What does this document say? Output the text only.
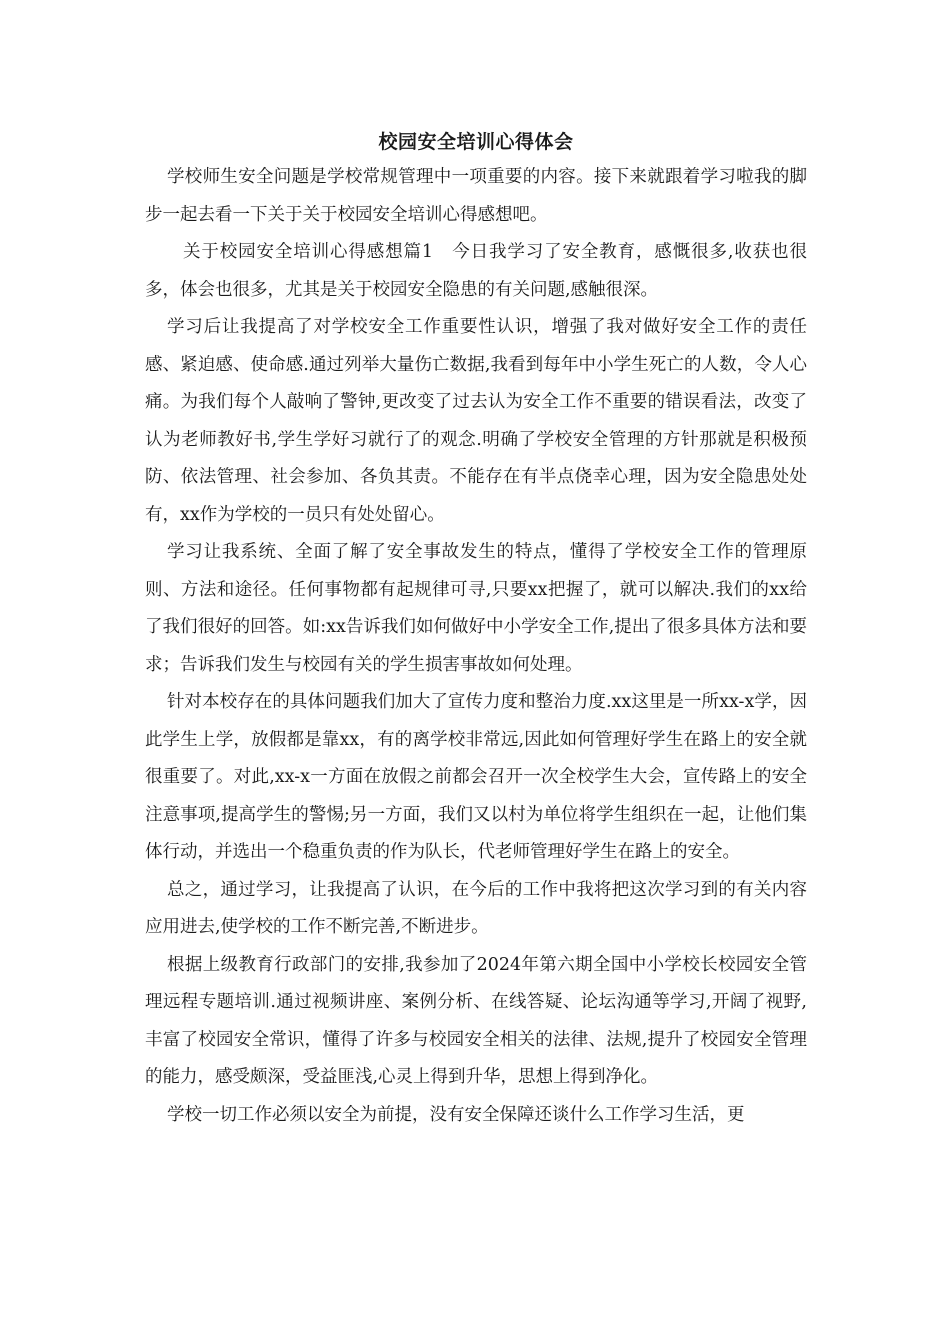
校园安全培训心得体会

学校师生安全问题是学校常规管理中一项重要的内容。接下来就跟着学习啦我的脚步一起去看一下关于关于校园安全培训心得感想吧。

关于校园安全培训心得感想篇1　今日我学习了安全教育，感慨很多,收获也很多，体会也很多，尤其是关于校园安全隐患的有关问题,感触很深。

学习后让我提高了对学校安全工作重要性认识，增强了我对做好安全工作的责任感、紧迫感、使命感.通过列举大量伤亡数据,我看到每年中小学生死亡的人数，令人心痛。为我们每个人敲响了警钟,更改变了过去认为安全工作不重要的错误看法，改变了认为老师教好书,学生学好习就行了的观念.明确了学校安全管理的方针那就是积极预防、依法管理、社会参加、各负其责。不能存在有半点侥幸心理，因为安全隐患处处有，xx作为学校的一员只有处处留心。

学习让我系统、全面了解了安全事故发生的特点，懂得了学校安全工作的管理原则、方法和途径。任何事物都有起规律可寻,只要xx把握了，就可以解决.我们的xx给了我们很好的回答。如:xx告诉我们如何做好中小学安全工作,提出了很多具体方法和要求；告诉我们发生与校园有关的学生损害事故如何处理。

针对本校存在的具体问题我们加大了宣传力度和整治力度.xx这里是一所xx-x学，因此学生上学，放假都是靠xx，有的离学校非常远,因此如何管理好学生在路上的安全就很重要了。对此,xx-x一方面在放假之前都会召开一次全校学生大会，宣传路上的安全注意事项,提高学生的警惕;另一方面，我们又以村为单位将学生组织在一起，让他们集体行动，并选出一个稳重负责的作为队长，代老师管理好学生在路上的安全。

总之，通过学习，让我提高了认识，在今后的工作中我将把这次学习到的有关内容应用进去,使学校的工作不断完善,不断进步。

根据上级教育行政部门的安排,我参加了2024年第六期全国中小学校长校园安全管理远程专题培训.通过视频讲座、案例分析、在线答疑、论坛沟通等学习,开阔了视野,丰富了校园安全常识，懂得了许多与校园安全相关的法律、法规,提升了校园安全管理的能力，感受颇深，受益匪浅,心灵上得到升华，思想上得到净化。

学校一切工作必须以安全为前提，没有安全保障还谈什么工作学习生活，更
